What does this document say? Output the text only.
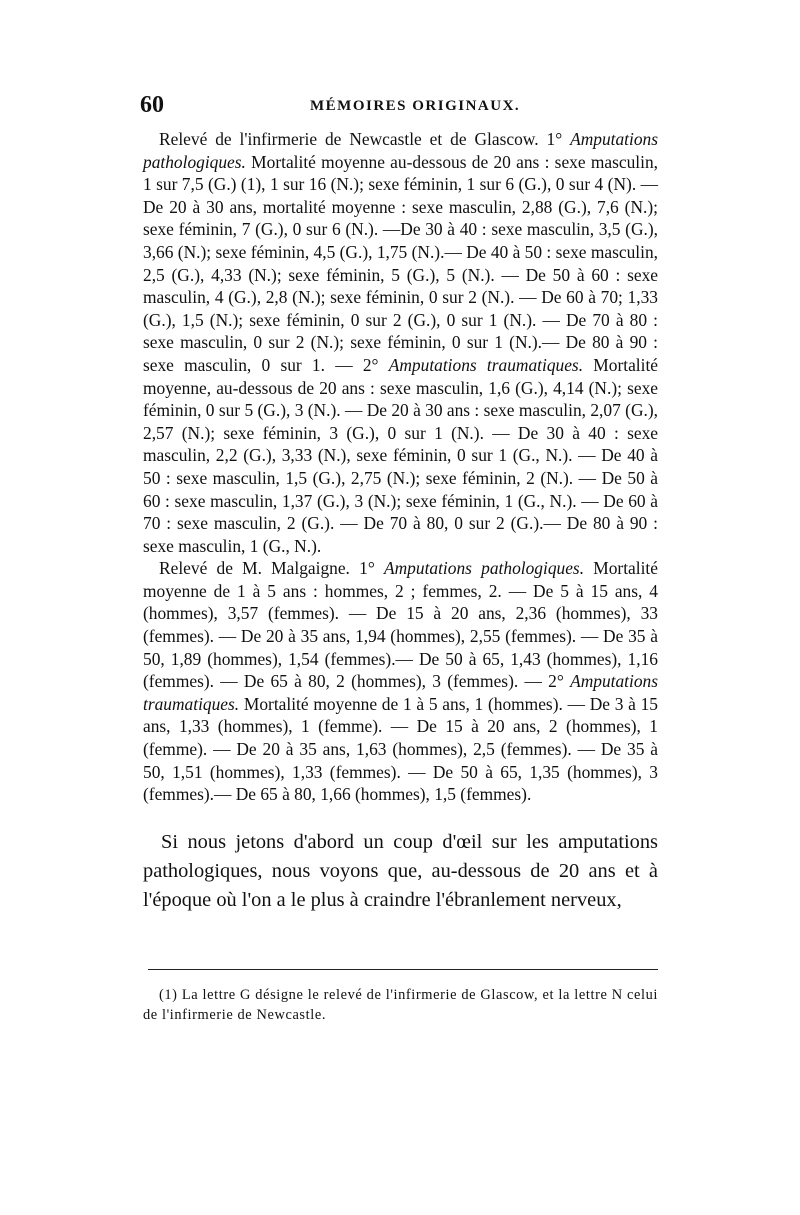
60	MÉMOIRES ORIGINAUX.

Relevé de l'infirmerie de Newcastle et de Glascow. 1° Amputations pathologiques. Mortalité moyenne au-dessous de 20 ans : sexe masculin, 1 sur 7,5 (G.) (1), 1 sur 16 (N.); sexe féminin, 1 sur 6 (G.), 0 sur 4 (N). — De 20 à 30 ans, mortalité moyenne : sexe masculin, 2,88 (G.), 7,6 (N.); sexe féminin, 7 (G.), 0 sur 6 (N.). —De 30 à 40 : sexe masculin, 3,5 (G.), 3,66 (N.); sexe féminin, 4,5 (G.), 1,75 (N.).— De 40 à 50 : sexe masculin, 2,5 (G.), 4,33 (N.); sexe féminin, 5 (G.), 5 (N.). — De 50 à 60 : sexe masculin, 4 (G.), 2,8 (N.); sexe féminin, 0 sur 2 (N.). — De 60 à 70; 1,33 (G.), 1,5 (N.); sexe féminin, 0 sur 2 (G.), 0 sur 1 (N.). — De 70 à 80 : sexe masculin, 0 sur 2 (N.); sexe féminin, 0 sur 1 (N.).— De 80 à 90 : sexe masculin, 0 sur 1. — 2° Amputations traumatiques. Mortalité moyenne, au-dessous de 20 ans : sexe masculin, 1,6 (G.), 4,14 (N.); sexe féminin, 0 sur 5 (G.), 3 (N.). — De 20 à 30 ans : sexe masculin, 2,07 (G.), 2,57 (N.); sexe féminin, 3 (G.), 0 sur 1 (N.). — De 30 à 40 : sexe masculin, 2,2 (G.), 3,33 (N.), sexe féminin, 0 sur 1 (G., N.). — De 40 à 50 : sexe masculin, 1,5 (G.), 2,75 (N.); sexe féminin, 2 (N.). — De 50 à 60 : sexe masculin, 1,37 (G.), 3 (N.); sexe féminin, 1 (G., N.). — De 60 à 70 : sexe masculin, 2 (G.). — De 70 à 80, 0 sur 2 (G.).— De 80 à 90 : sexe masculin, 1 (G., N.).

Relevé de M. Malgaigne. 1° Amputations pathologiques. Mortalité moyenne de 1 à 5 ans : hommes, 2 ; femmes, 2. — De 5 à 15 ans, 4 (hommes), 3,57 (femmes). — De 15 à 20 ans, 2,36 (hommes), 33 (femmes). — De 20 à 35 ans, 1,94 (hommes), 2,55 (femmes). — De 35 à 50, 1,89 (hommes), 1,54 (femmes).— De 50 à 65, 1,43 (hommes), 1,16 (femmes). — De 65 à 80, 2 (hommes), 3 (femmes). — 2° Amputations traumatiques. Mortalité moyenne de 1 à 5 ans, 1 (hommes). — De 3 à 15 ans, 1,33 (hommes), 1 (femme). — De 15 à 20 ans, 2 (hommes), 1 (femme). — De 20 à 35 ans, 1,63 (hommes), 2,5 (femmes). — De 35 à 50, 1,51 (hommes), 1,33 (femmes). — De 50 à 65, 1,35 (hommes), 3 (femmes).— De 65 à 80, 1,66 (hommes), 1,5 (femmes).

Si nous jetons d'abord un coup d'œil sur les amputations pathologiques, nous voyons que, au-dessous de 20 ans et à l'époque où l'on a le plus à craindre l'ébranlement nerveux,

(1) La lettre G désigne le relevé de l'infirmerie de Glascow, et la lettre N celui de l'infirmerie de Newcastle.
